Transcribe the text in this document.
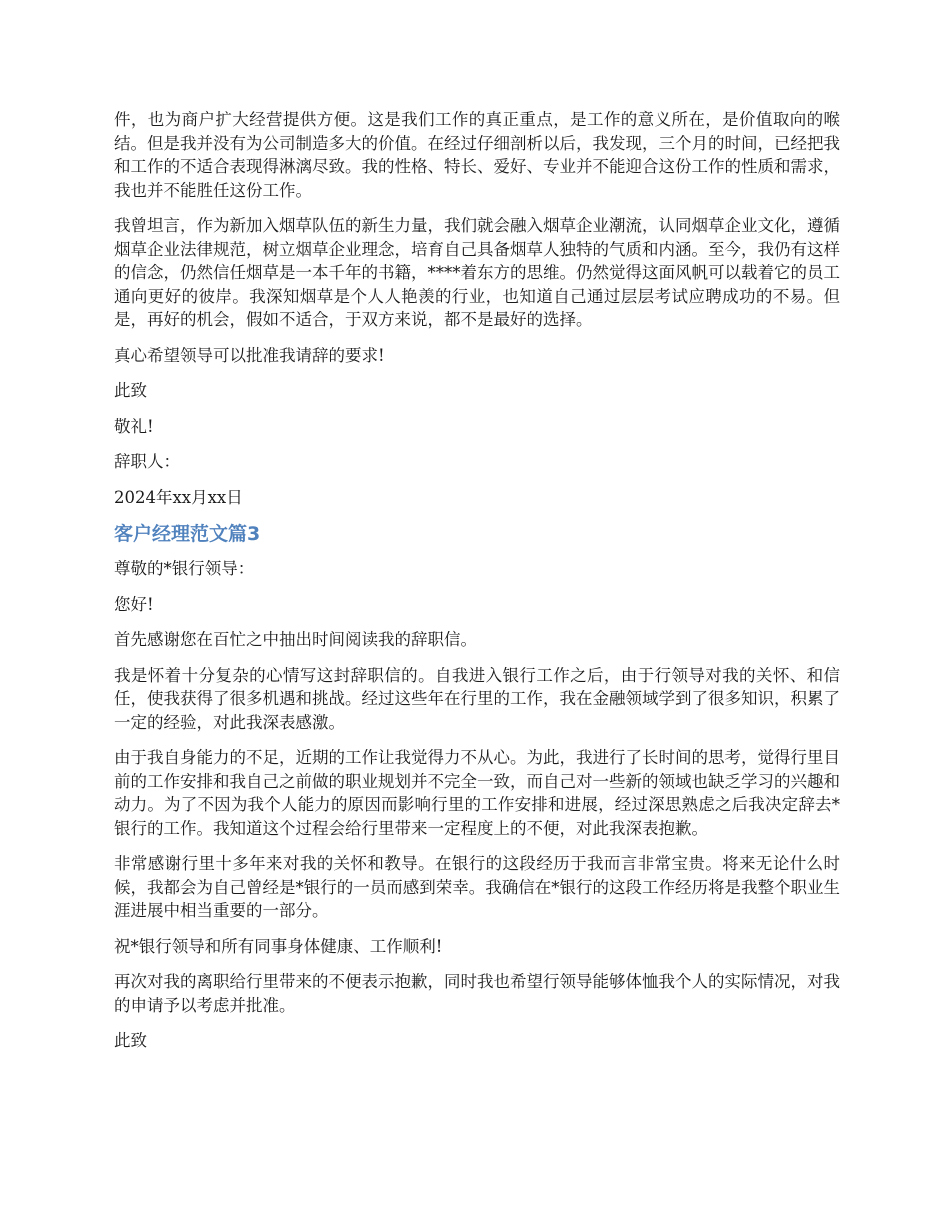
件，也为商户扩大经营提供方便。这是我们工作的真正重点，是工作的意义所在，是价值取向的喉结。但是我并没有为公司制造多大的价值。在经过仔细剖析以后，我发现，三个月的时间，已经把我和工作的不适合表现得淋漓尽致。我的性格、特长、爱好、专业并不能迎合这份工作的性质和需求，我也并不能胜任这份工作。

我曾坦言，作为新加入烟草队伍的新生力量，我们就会融入烟草企业潮流，认同烟草企业文化，遵循烟草企业法律规范，树立烟草企业理念，培育自己具备烟草人独特的气质和内涵。至今，我仍有这样的信念，仍然信任烟草是一本千年的书籍，****着东方的思维。仍然觉得这面风帆可以载着它的员工通向更好的彼岸。我深知烟草是个人人艳羡的行业，也知道自己通过层层考试应聘成功的不易。但是，再好的机会，假如不适合，于双方来说，都不是最好的选择。

真心希望领导可以批准我请辞的要求!

此致

敬礼!

辞职人：

2024年xx月xx日

客户经理范文篇3

尊敬的*银行领导：

您好!

首先感谢您在百忙之中抽出时间阅读我的辞职信。

我是怀着十分复杂的心情写这封辞职信的。自我进入银行工作之后，由于行领导对我的关怀、和信任，使我获得了很多机遇和挑战。经过这些年在行里的工作，我在金融领域学到了很多知识，积累了一定的经验，对此我深表感激。

由于我自身能力的不足，近期的工作让我觉得力不从心。为此，我进行了长时间的思考，觉得行里目前的工作安排和我自己之前做的职业规划并不完全一致，而自己对一些新的领域也缺乏学习的兴趣和动力。为了不因为我个人能力的原因而影响行里的工作安排和进展，经过深思熟虑之后我决定辞去*银行的工作。我知道这个过程会给行里带来一定程度上的不便，对此我深表抱歉。

非常感谢行里十多年来对我的关怀和教导。在银行的这段经历于我而言非常宝贵。将来无论什么时候，我都会为自己曾经是*银行的一员而感到荣幸。我确信在*银行的这段工作经历将是我整个职业生涯进展中相当重要的一部分。

祝*银行领导和所有同事身体健康、工作顺利!

再次对我的离职给行里带来的不便表示抱歉，同时我也希望行领导能够体恤我个人的实际情况，对我的申请予以考虑并批准。

此致
